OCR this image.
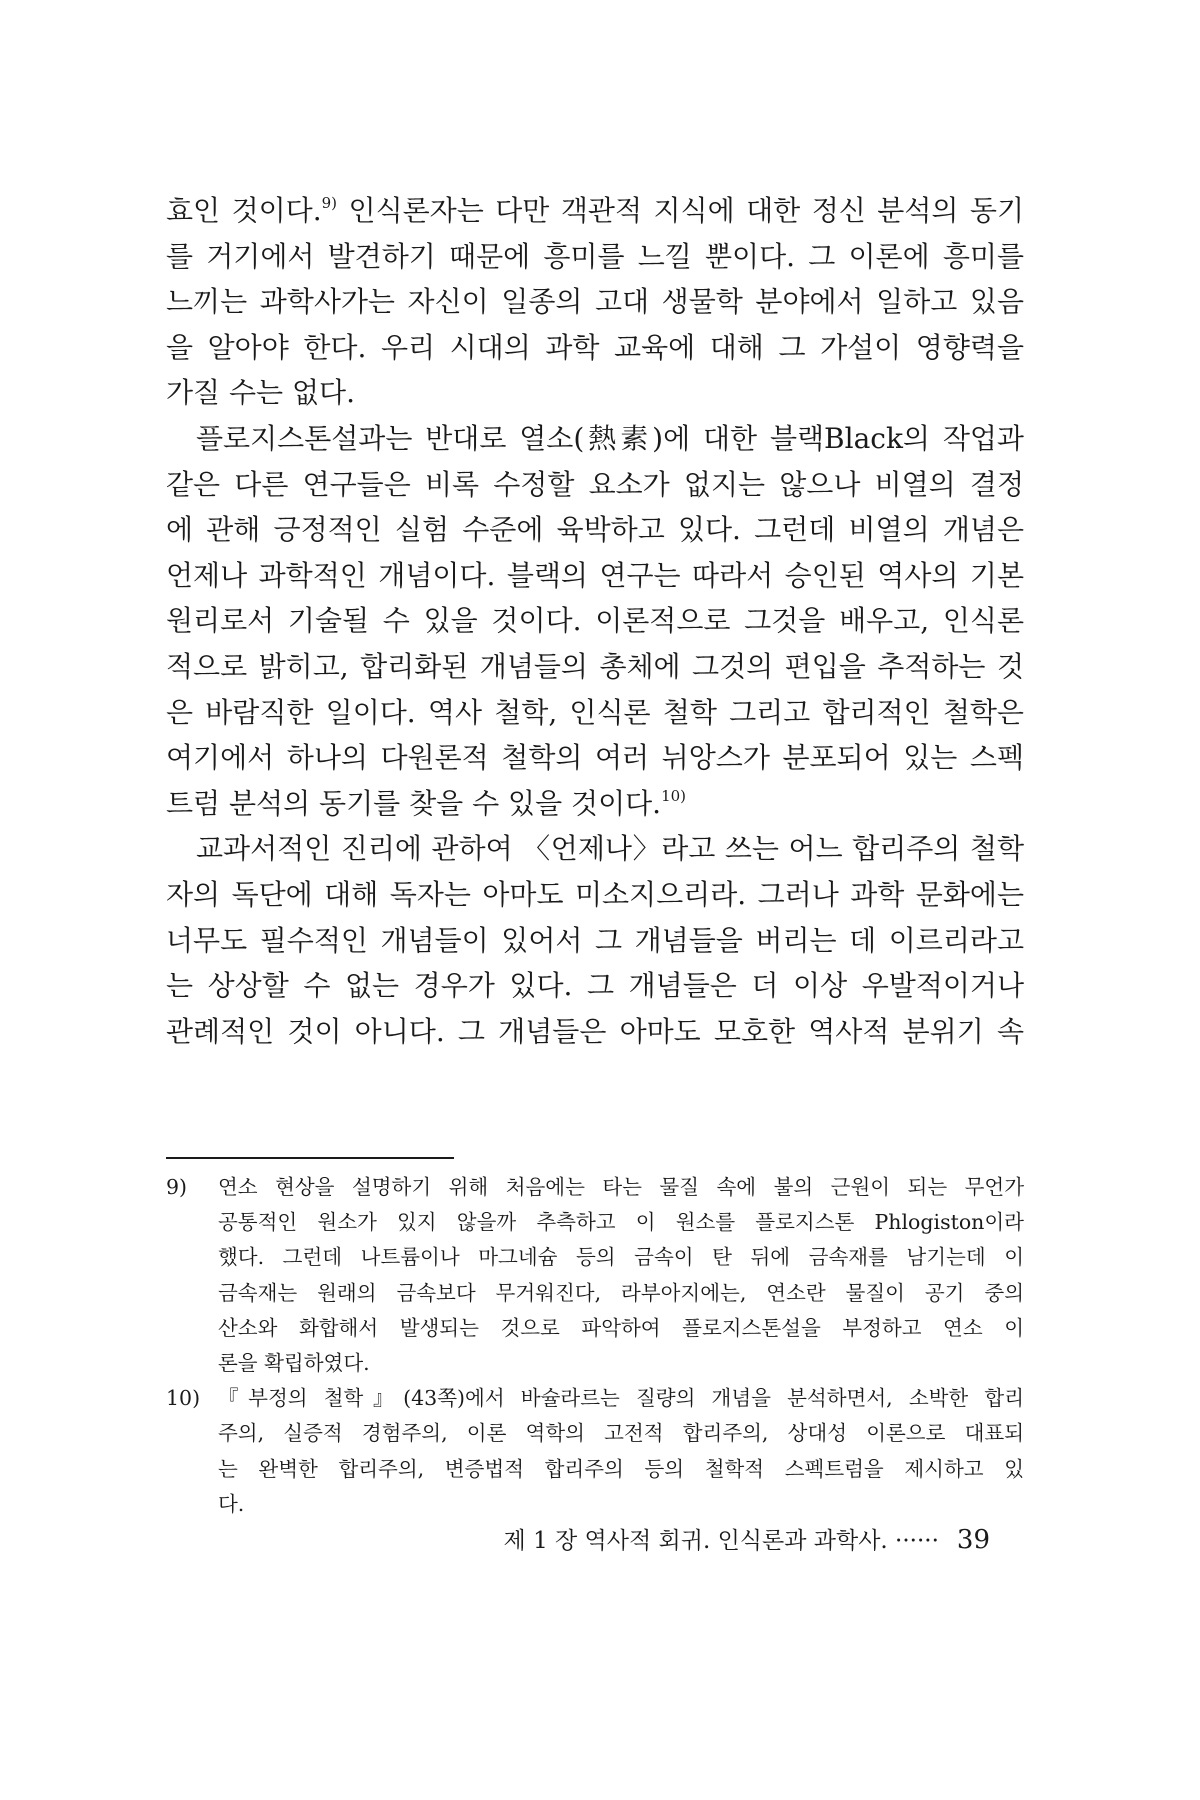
효인 것이다.$^{9)}$ 인식론자는 다만 객관적 지식에 대한 정신 분석의 동기
를 거기에서 발견하기 때문에 흥미를 느낄 뿐이다. 그 이론에 흥미를
느끼는 과학사가는 자신이 일종의 고대 생물학 분야에서 일하고 있음
을 알아야 한다. 우리 시대의 과학 교육에 대해 그 가설이 영향력을
가질 수는 없다.
플로지스톤설과는 반대로 열소(熱素)에 대한 블랙Black의 작업과
같은 다른 연구들은 비록 수정할 요소가 없지는 않으나 비열의 결정
에 관해 긍정적인 실험 수준에 육박하고 있다. 그런데 비열의 개념은
언제나 과학적인 개념이다. 블랙의 연구는 따라서 승인된 역사의 기본
원리로서 기술될 수 있을 것이다. 이론적으로 그것을 배우고, 인식론
적으로 밝히고, 합리화된 개념들의 총체에 그것의 편입을 추적하는 것
은 바람직한 일이다. 역사 철학, 인식론 철학 그리고 합리적인 철학은
여기에서 하나의 다원론적 철학의 여러 뉘앙스가 분포되어 있는 스펙
트럼 분석의 동기를 찾을 수 있을 것이다.$^{10)}$
교과서적인 진리에 관하여 〈언제나〉라고 쓰는 어느 합리주의 철학
자의 독단에 대해 독자는 아마도 미소지으리라. 그러나 과학 문화에는
너무도 필수적인 개념들이 있어서 그 개념들을 버리는 데 이르리라고
는 상상할 수 없는 경우가 있다. 그 개념들은 더 이상 우발적이거나
관례적인 것이 아니다. 그 개념들은 아마도 모호한 역사적 분위기 속
9)	연소 현상을 설명하기 위해 처음에는 타는 물질 속에 불의 근원이 되는 무언가
공통적인 원소가 있지 않을까 추측하고 이 원소를 플로지스톤 Phlogiston이라
했다. 그런데 나트륨이나 마그네슘 등의 금속이 탄 뒤에 금속재를 남기는데 이
금속재는 원래의 금속보다 무거워진다, 라부아지에는, 연소란 물질이 공기 중의
산소와 화합해서 발생되는 것으로 파악하여 플로지스톤설을 부정하고 연소 이
론을 확립하였다.
10) 『부정의 철학』(43쪽)에서 바슐라르는 질량의 개념을 분석하면서, 소박한 합리
주의, 실증적 경험주의, 이론 역학의 고전적 합리주의, 상대성 이론으로 대표되
는 완벽한 합리주의, 변증법적 합리주의 등의 철학적 스펙트럼을 제시하고 있
다.
제 1 장 역사적 회귀. 인식론과 과학사. ······ 39
